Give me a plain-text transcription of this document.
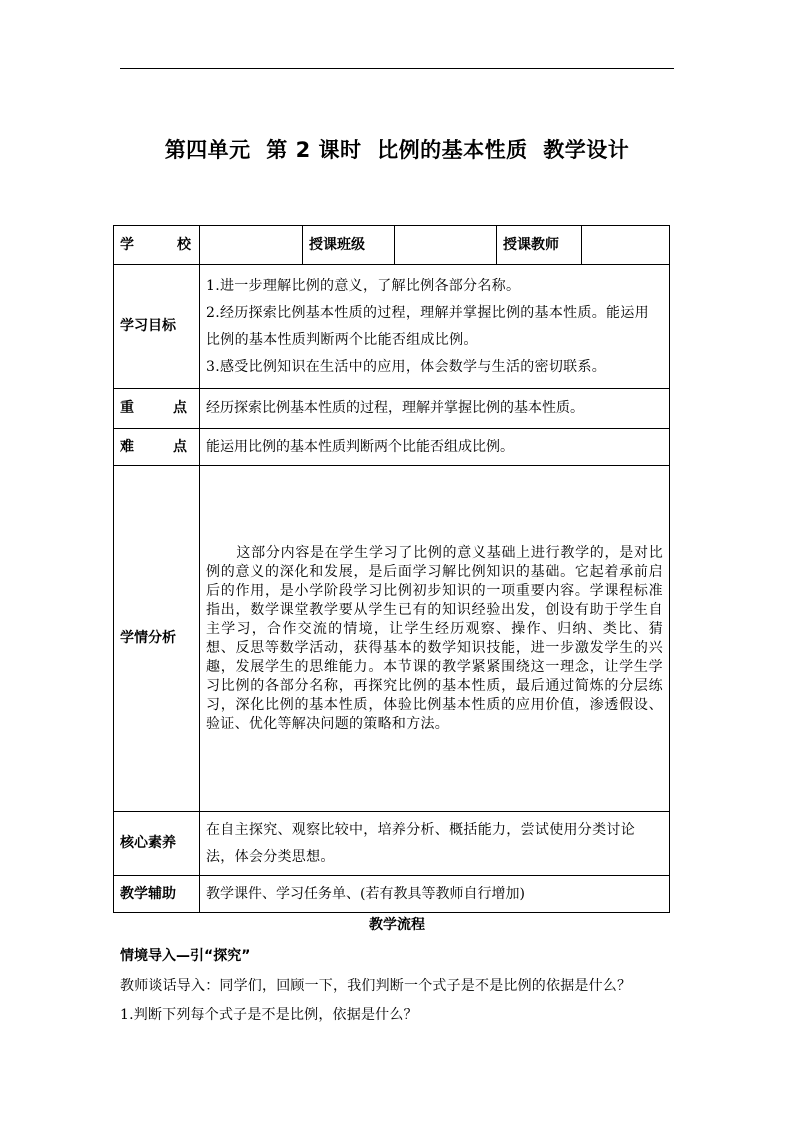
第四单元  第 2 课时  比例的基本性质  教学设计
学 校		授课班级		授课教师	
学习目标	1.进一步理解比例的意义，了解比例各部分名称。

2.经历探索比例基本性质的过程，理解并掌握比例的基本性质。能运用比例的基本性质判断两个比能否组成比例。

3.感受比例知识在生活中的应用，体会数学与生活的密切联系。				

重 点	经历探索比例基本性质的过程，理解并掌握比例的基本性质。				

难 点	能运用比例的基本性质判断两个比能否组成比例。				
学情分析	这部分内容是在学生学习了比例的意义基础上进行教学的，是对比例的意义的深化和发展，是后面学习解比例知识的基础。它起着承前启后的作用，是小学阶段学习比例初步知识的一项重要内容。学课程标准指出，数学课堂教学要从学生已有的知识经验出发，创设有助于学生自主学习，合作交流的情境，让学生经历观察、操作、归纳、类比、猜想、反思等数学活动，获得基本的数学知识技能，进一步激发学生的兴趣，发展学生的思维能力。本节课的教学紧紧围绕这一理念，让学生学习比例的各部分名称，再探究比例的基本性质，最后通过简炼的分层练习，深化比例的基本性质，体验比例基本性质的应用价值，渗透假设、验证、优化等解决问题的策略和方法。				
核心素养	在自主探究、观察比较中，培养分析、概括能力，尝试使用分类讨论法，体会分类思想。				

教学辅助	教学课件、学习任务单、(若有教具等教师自行增加)				
教学流程
情境导入—引“探究”
教师谈话导入：同学们，回顾一下，我们判断一个式子是不是比例的依据是什么？
1.判断下列每个式子是不是比例，依据是什么？
